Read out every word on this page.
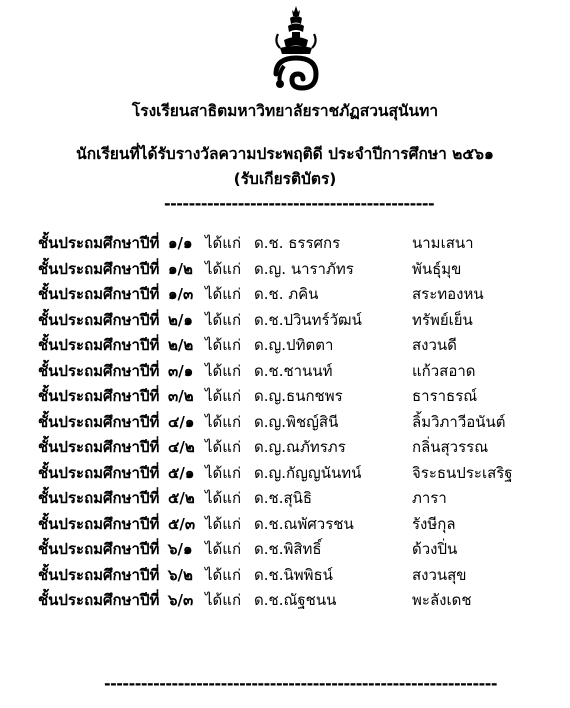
โรงเรียนสาธิตมหาวิทยาลัยราชภัฏสวนสุนันทา
นักเรียนที่ได้รับรางวัลความประพฤติดี ประจำปีการศึกษา ๒๕๖๑
(รับเกียรติบัตร)
--------------------------------------------
ชั้นประถมศึกษาปีที่ ๑/๑ ได้แก่ ด.ช. ธรรศกร	นามเสนา
ชั้นประถมศึกษาปีที่ ๑/๒ ได้แก่ ด.ญ. นาราภัทร	พันธุ์มุข
ชั้นประถมศึกษาปีที่ ๑/๓ ได้แก่ ด.ช. ภคิน	สระทองหน
ชั้นประถมศึกษาปีที่ ๒/๑ ได้แก่ ด.ช.ปวินทร์วัฒน์	ทรัพย์เย็น
ชั้นประถมศึกษาปีที่ ๒/๒ ได้แก่ ด.ญ.ปทิตตา	สงวนดี
ชั้นประถมศึกษาปีที่ ๓/๑ ได้แก่ ด.ช.ชานนท์	แก้วสอาด
ชั้นประถมศึกษาปีที่ ๓/๒ ได้แก่ ด.ญ.ธนกชพร	ธาราธรณ์
ชั้นประถมศึกษาปีที่ ๔/๑ ได้แก่ ด.ญ.พิชญ์สินี	ลิ้มวิภาวีอนันต์
ชั้นประถมศึกษาปีที่ ๔/๒ ได้แก่ ด.ญ.ณภัทรภร	กลิ่นสุวรรณ
ชั้นประถมศึกษาปีที่ ๕/๑ ได้แก่ ด.ญ.กัญญนันทน์	จิระธนประเสริฐ
ชั้นประถมศึกษาปีที่ ๕/๒ ได้แก่ ด.ช.สุนิธิ	ภารา
ชั้นประถมศึกษาปีที่ ๕/๓ ได้แก่ ด.ช.ณพัศวรชน	รังษีกุล
ชั้นประถมศึกษาปีที่ ๖/๑ ได้แก่ ด.ช.พิสิทธิ์	ด้วงปิ่น
ชั้นประถมศึกษาปีที่ ๖/๒ ได้แก่ ด.ช.นิพพิธน์	สงวนสุข
ชั้นประถมศึกษาปีที่ ๖/๓ ได้แก่ ด.ช.ณัฐชนน	พะลังเดช
----------------------------------------------------------------
